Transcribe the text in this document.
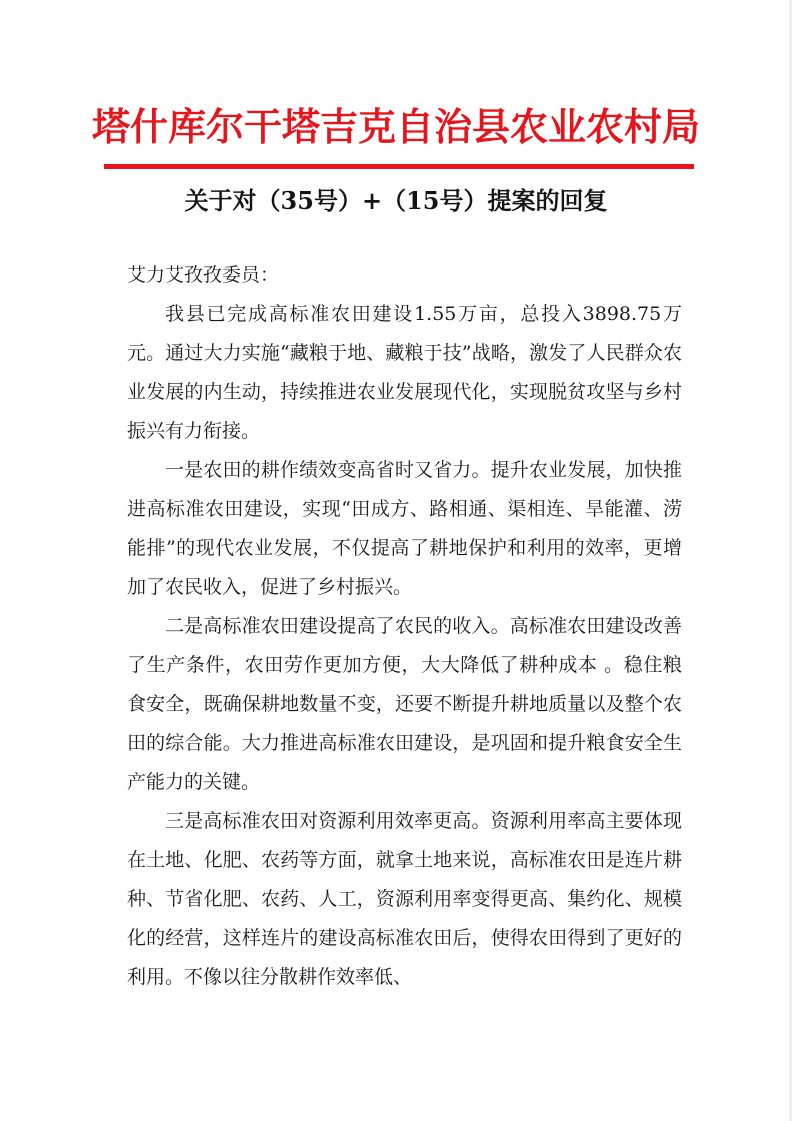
塔什库尔干塔吉克自治县农业农村局
关于对（35号）+（15号）提案的回复

艾力艾孜孜委员：

我县已完成高标准农田建设1.55万亩，总投入3898.75万元。通过大力实施“藏粮于地、藏粮于技”战略，激发了人民群众农业发展的内生动，持续推进农业发展现代化，实现脱贫攻坚与乡村振兴有力衔接。

一是农田的耕作绩效变高省时又省力。提升农业发展，加快推进高标准农田建设，实现“田成方、路相通、渠相连、旱能灌、涝能排”的现代农业发展，不仅提高了耕地保护和利用的效率，更增加了农民收入，促进了乡村振兴。

二是高标准农田建设提高了农民的收入。高标准农田建设改善了生产条件，农田劳作更加方便，大大降低了耕种成本 。稳住粮食安全，既确保耕地数量不变，还要不断提升耕地质量以及整个农田的综合能。大力推进高标准农田建设，是巩固和提升粮食安全生产能力的关键。

三是高标准农田对资源利用效率更高。资源利用率高主要体现在土地、化肥、农药等方面，就拿土地来说，高标准农田是连片耕种、节省化肥、农药、人工，资源利用率变得更高、集约化、规模化的经营，这样连片的建设高标准农田后，使得农田得到了更好的利用。不像以往分散耕作效率低、
